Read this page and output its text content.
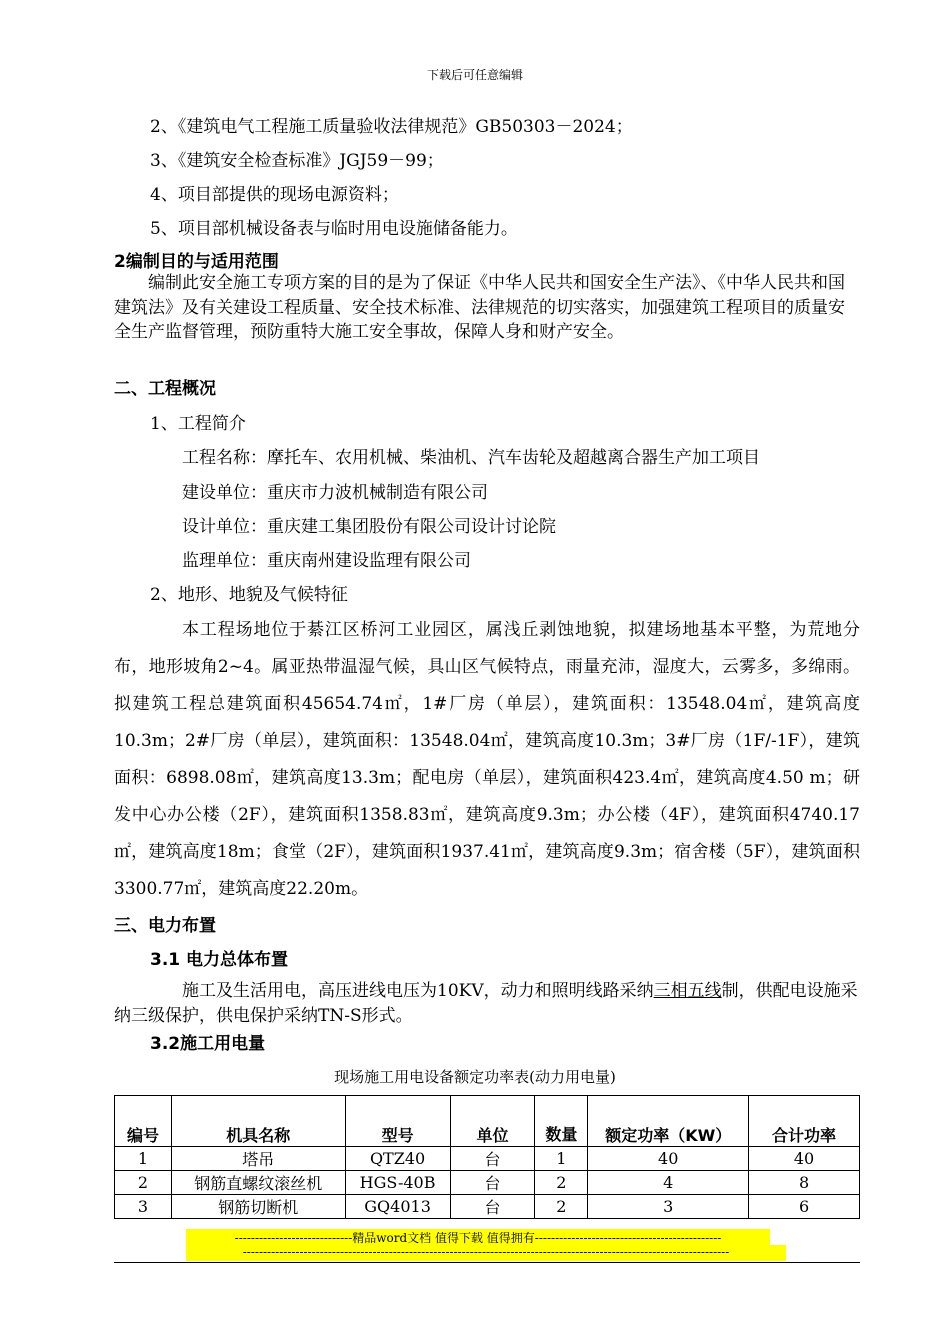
下载后可任意编辑
2、《建筑电气工程施工质量验收法律规范》GB50303－2024；
3、《建筑安全检查标准》JGJ59－99；
4、项目部提供的现场电源资料；
5、项目部机械设备表与临时用电设施储备能力。
2编制目的与适用范围
编制此安全施工专项方案的目的是为了保证《中华人民共和国安全生产法》、《中华人民共和国建筑法》及有关建设工程质量、安全技术标准、法律规范的切实落实，加强建筑工程项目的质量安全生产监督管理，预防重特大施工安全事故，保障人身和财产安全。
二、工程概况
1、工程简介
工程名称：摩托车、农用机械、柴油机、汽车齿轮及超越离合器生产加工项目
建设单位：重庆市力波机械制造有限公司
设计单位：重庆建工集团股份有限公司设计讨论院
监理单位：重庆南州建设监理有限公司
2、地形、地貌及气候特征
本工程场地位于綦江区桥河工业园区，属浅丘剥蚀地貌，拟建场地基本平整，为荒地分布，地形坡角2~4。属亚热带温湿气候，具山区气候特点，雨量充沛，湿度大，云雾多，多绵雨。拟建筑工程总建筑面积45654.74㎡，1#厂房（单层），建筑面积：13548.04㎡，建筑高度10.3m；2#厂房（单层），建筑面积：13548.04㎡，建筑高度10.3m；3#厂房（1F/-1F），建筑面积：6898.08㎡，建筑高度13.3m；配电房（单层），建筑面积423.4㎡，建筑高度4.50 m；研发中心办公楼（2F），建筑面积1358.83㎡，建筑高度9.3m；办公楼（4F），建筑面积4740.17㎡，建筑高度18m；食堂（2F），建筑面积1937.41㎡，建筑高度9.3m；宿舍楼（5F），建筑面积3300.77㎡，建筑高度22.20m。
三、电力布置
3.1 电力总体布置
施工及生活用电，高压进线电压为10KV，动力和照明线路采纳三相五线制，供配电设施采纳三级保护，供电保护采纳TN-S形式。
3.2施工用电量
现场施工用电设备额定功率表(动力用电量)
编号	机具名称	型号	单位	数量	额定功率（KW）	合计功率
1	塔吊	QTZ40	台	1	40	40
2	钢筋直螺纹滚丝机	HGS-40B	台	2	4	8
3	钢筋切断机	GQ4013	台	2	3	6
-----------------------------精品word文档 值得下载 值得拥有----------------------------------------------
------------------------------------------------------------------------------------------------------------------------
